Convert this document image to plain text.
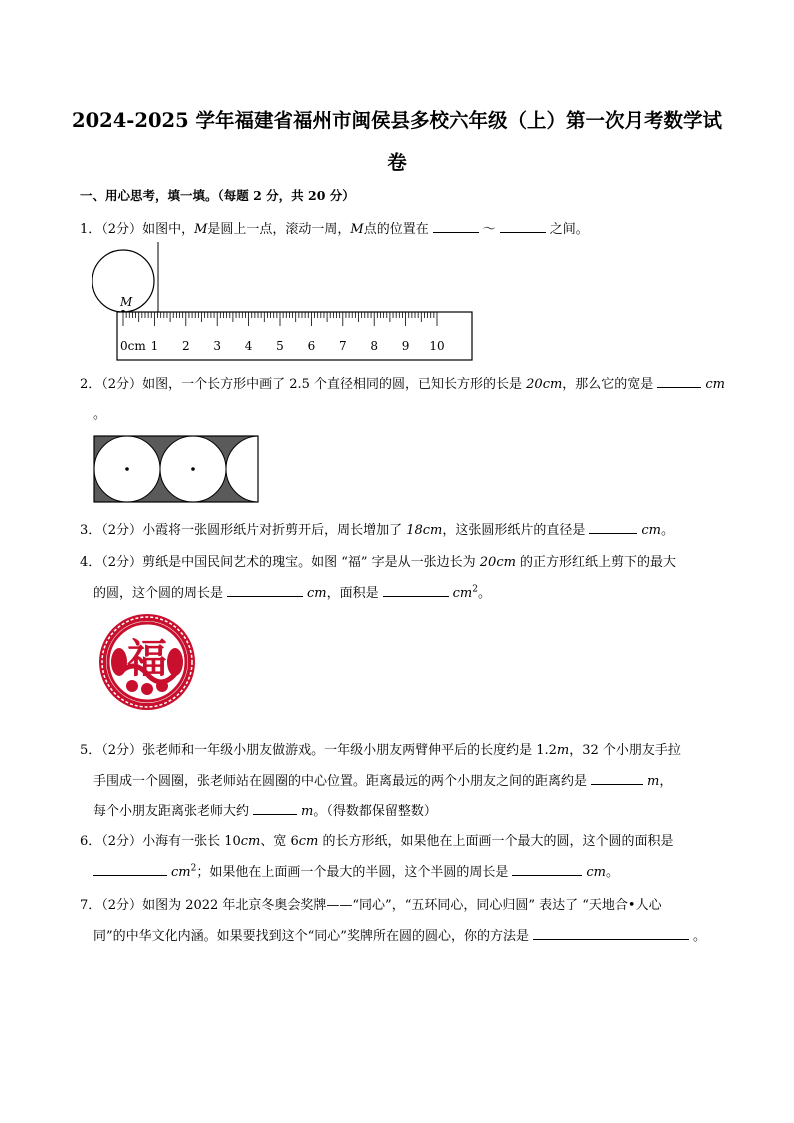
2024-2025 学年福建省福州市闽侯县多校六年级（上）第一次月考数学试
卷
一、用心思考，填一填。（每题 2 分，共 20 分）
1．（2分）如图中，M是圆上一点，滚动一周，M点的位置在	～	之间。
M
0cm 1 2 3 4 5 6 7 8 9 10
2．（2分）如图，一个长方形中画了 2.5 个直径相同的圆，已知长方形的长是 20cm，那么它的宽是	cm
。
3．（2分）小霞将一张圆形纸片对折剪开后，周长增加了 18cm，这张圆形纸片的直径是	cm。
4．（2分）剪纸是中国民间艺术的瑰宝。如图 “福” 字是从一张边长为 20cm 的正方形红纸上剪下的最大
的圆，这个圆的周长是	cm，面积是	$cm^2$。
福
5．（2分）张老师和一年级小朋友做游戏。一年级小朋友两臂伸平后的长度约是 1.2m，32 个小朋友手拉
手围成一个圆圈，张老师站在圆圈的中心位置。距离最远的两个小朋友之间的距离约是	m，
每个小朋友距离张老师大约	m。（得数都保留整数）
6．（2分）小海有一张长 10cm、宽 6cm 的长方形纸，如果他在上面画一个最大的圆，这个圆的面积是
$cm^2$；如果他在上面画一个最大的半圆，这个半圆的周长是	cm。
7．（2分）如图为 2022 年北京冬奥会奖牌——“同心”，“五环同心，同心归圆” 表达了 “天地合•人心
同”的中华文化内涵。如果要找到这个“同心”奖牌所在圆的圆心，你的方法是	。
